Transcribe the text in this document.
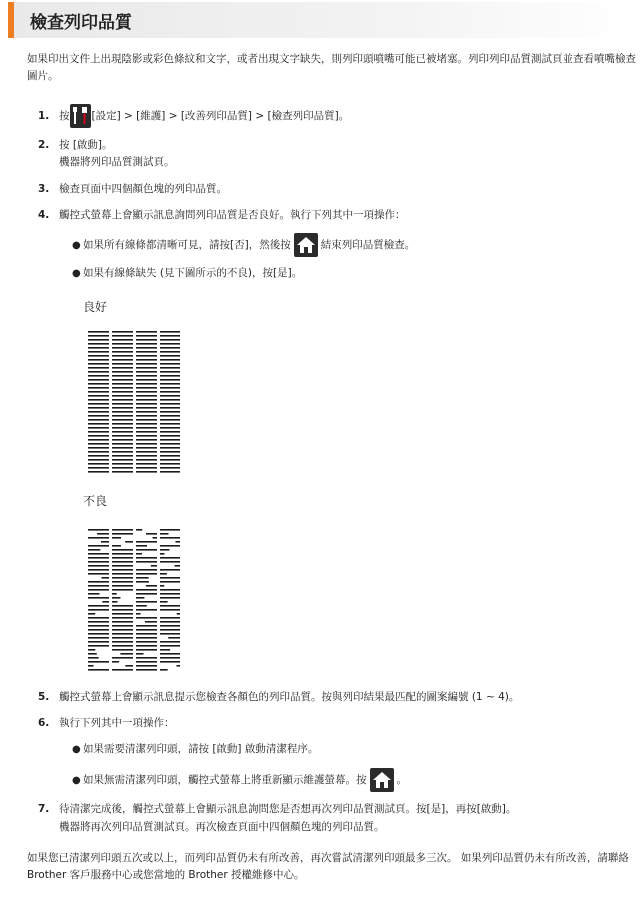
檢查列印品質
如果印出文件上出現陰影或彩色條紋和文字，或者出現文字缺失，則列印頭噴嘴可能已被堵塞。列印列印品質測試頁並查看噴嘴檢查圖片。
1. 按 [設定] > [維護] > [改善列印品質] > [檢查列印品質]。
2. 按 [啟動]。
機器將列印品質測試頁。
3. 檢查頁面中四個顏色塊的列印品質。
4. 觸控式螢幕上會顯示訊息詢問列印品質是否良好。執行下列其中一項操作：
● 如果所有線條都清晰可見，請按[否]，然後按	結束列印品質檢查。
● 如果有線條缺失 (見下圖所示的不良)，按[是]。
良好
不良
5. 觸控式螢幕上會顯示訊息提示您檢查各顏色的列印品質。按與列印結果最匹配的圖案編號 (1 ~ 4)。
6. 執行下列其中一項操作：
● 如果需要清潔列印頭，請按 [啟動] 啟動清潔程序。
● 如果無需清潔列印頭，觸控式螢幕上將重新顯示維護螢幕。按	。
7. 待清潔完成後，觸控式螢幕上會顯示訊息詢問您是否想再次列印品質測試頁。按[是]，再按[啟動]。
機器將再次列印品質測試頁。再次檢查頁面中四個顏色塊的列印品質。
如果您已清潔列印頭五次或以上，而列印品質仍未有所改善，再次嘗試清潔列印頭最多三次。 如果列印品質仍未有所改善，請聯絡 Brother 客戶服務中心或您當地的 Brother 授權維修中心。
